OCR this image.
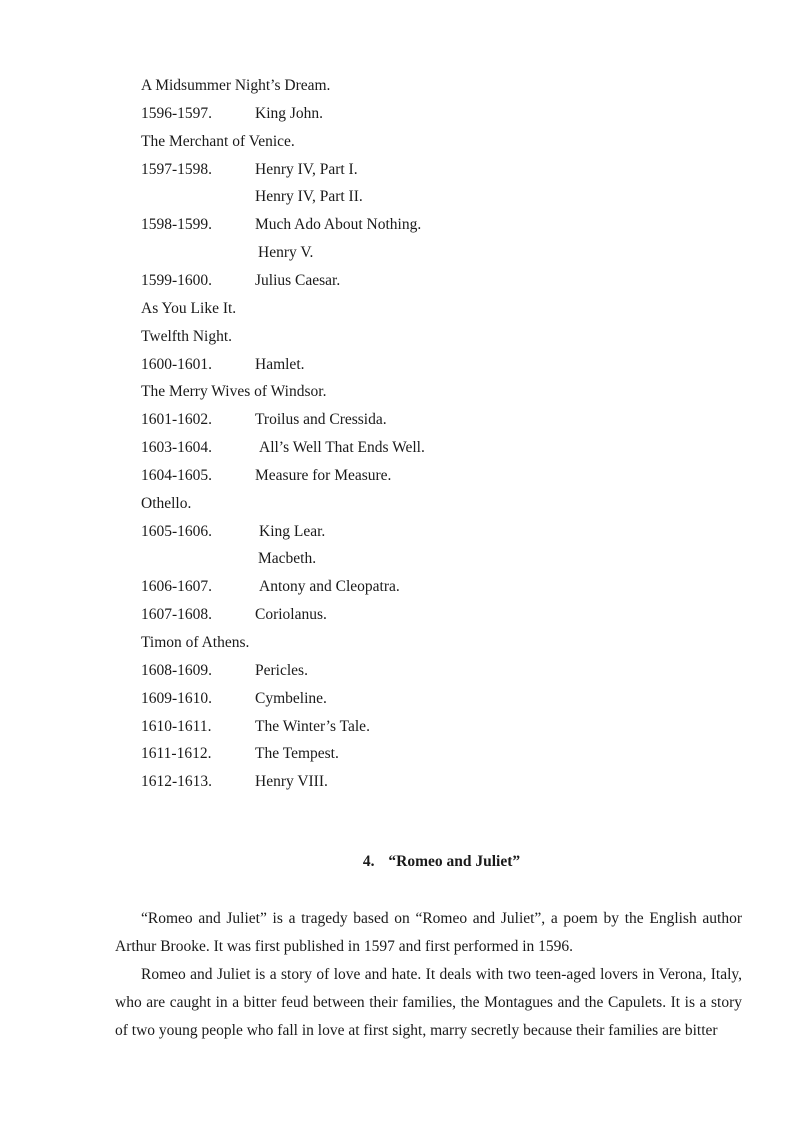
A Midsummer Night’s Dream.
1596-1597.	King John.
The Merchant of Venice.
1597-1598.	Henry IV, Part I.
Henry IV, Part II.
1598-1599.	Much Ado About Nothing.
Henry V.
1599-1600.	Julius Caesar.
As You Like It.
Twelfth Night.
1600-1601.	Hamlet.
The Merry Wives of Windsor.
1601-1602.	Troilus and Cressida.
1603-1604.	All’s Well That Ends Well.
1604-1605.	Measure for Measure.
Othello.
1605-1606.	King Lear.
Macbeth.
1606-1607.	Antony and Cleopatra.
1607-1608.	Coriolanus.
Timon of Athens.
1608-1609.	Pericles.
1609-1610.	Cymbeline.
1610-1611.	The Winter’s Tale.
1611-1612.	The Tempest.
1612-1613.	Henry VIII.
4. “Romeo and Juliet”

“Romeo and Juliet” is a tragedy based on “Romeo and Juliet”, a poem by the English author Arthur Brooke. It was first published in 1597 and first performed in 1596.

Romeo and Juliet is a story of love and hate. It deals with two teen-aged lovers in Verona, Italy, who are caught in a bitter feud between their families, the Montagues and the Capulets. It is a story of two young people who fall in love at first sight, marry secretly because their families are bitter
